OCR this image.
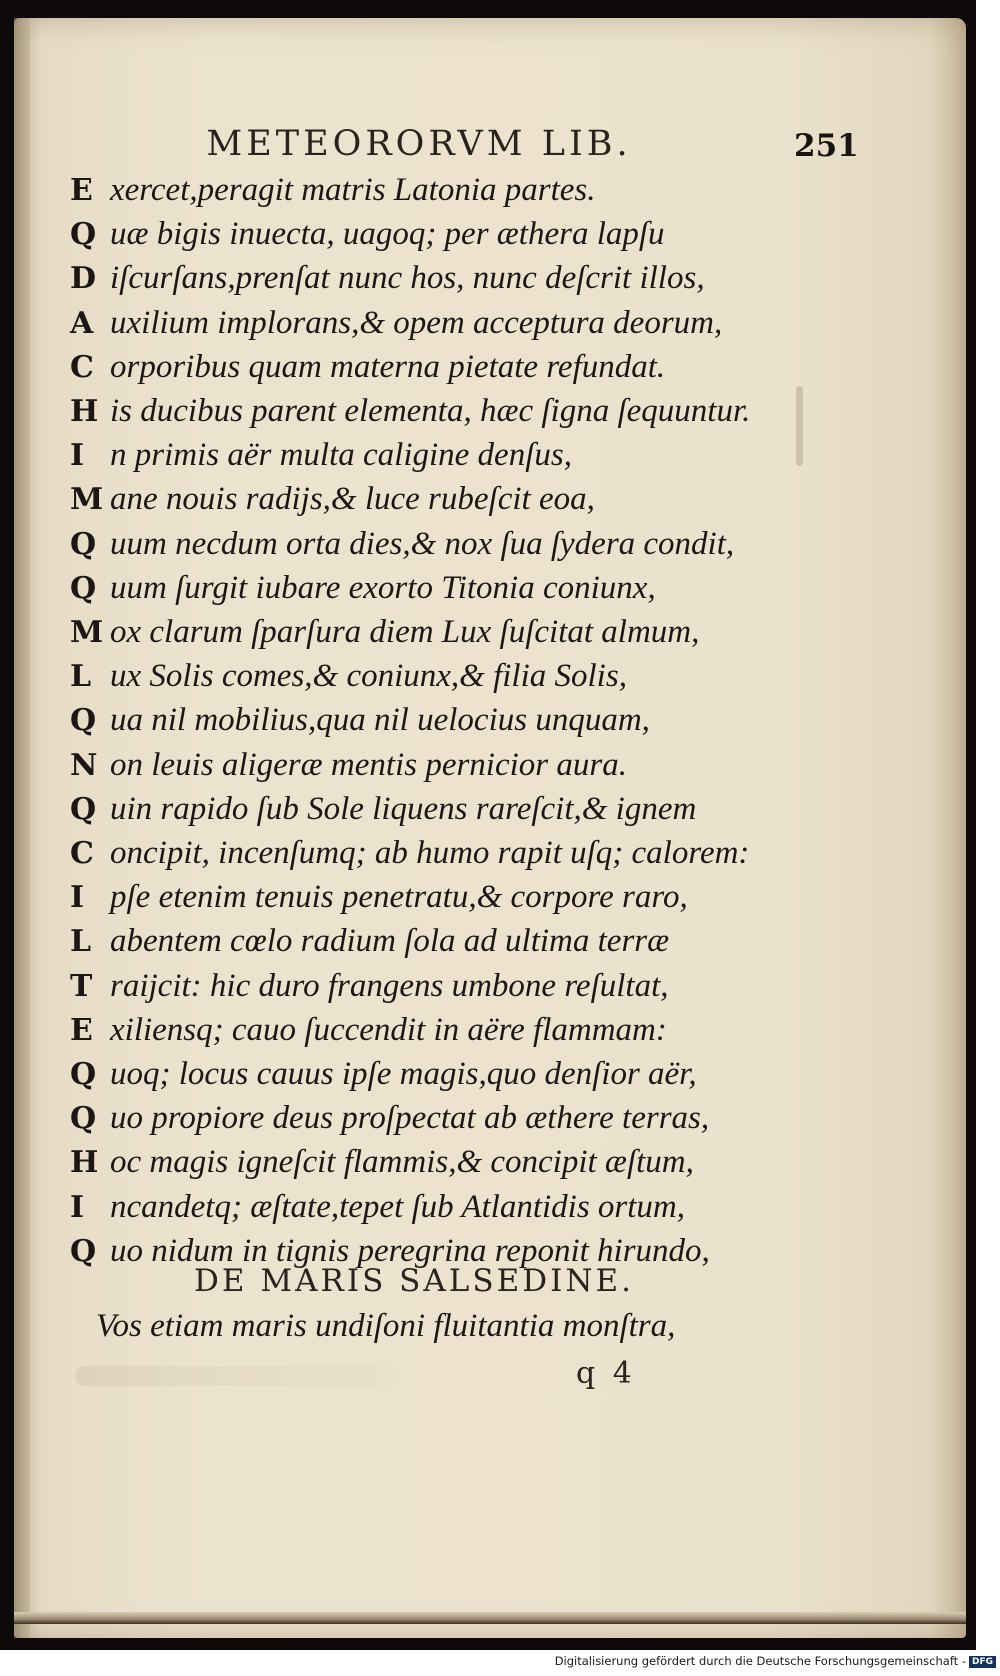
METEORORVM LIB.	251
E xercet,peragit matris Latonia partes.
Q uæ bigis inuecta, uagoq; per æthera lapſu
D iſcurſans,prenſat nunc hos, nunc deſcrit illos,
A uxilium implorans,& opem acceptura deorum,
C orporibus quam materna pietate refundat.
H is ducibus parent elementa, hæc ſigna ſequuntur.
I n primis aër multa caligine denſus,
M ane nouis radijs,& luce rubeſcit eoa,
Q uum necdum orta dies,& nox ſua ſydera condit,
Q uum ſurgit iubare exorto Titonia coniunx,
M ox clarum ſparſura diem Lux ſuſcitat almum,
L ux Solis comes,& coniunx,& filia Solis,
Q ua nil mobilius,qua nil uelocius unquam,
N on leuis aligeræ mentis pernicior aura.
Q uin rapido ſub Sole liquens rareſcit,& ignem
C oncipit, incenſumq; ab humo rapit uſq; calorem:
I pſe etenim tenuis penetratu,& corpore raro,
L abentem cœlo radium ſola ad ultima terræ
T raijcit: hic duro frangens umbone reſultat,
E xiliensq; cauo ſuccendit in aëre flammam:
Q uoq; locus cauus ipſe magis,quo denſior aër,
Q uo propiore deus proſpectat ab æthere terras,
H oc magis igneſcit flammis,& concipit æſtum,
I ncandetq; æſtate,tepet ſub Atlantidis ortum,
Q uo nidum in tignis peregrina reponit hirundo,
DE MARIS SALSEDINE.
Vos etiam maris undiſoni fluitantia monſtra,
q 4
Digitalisierung gefördert durch die Deutsche Forschungsgemeinschaft - DFG
